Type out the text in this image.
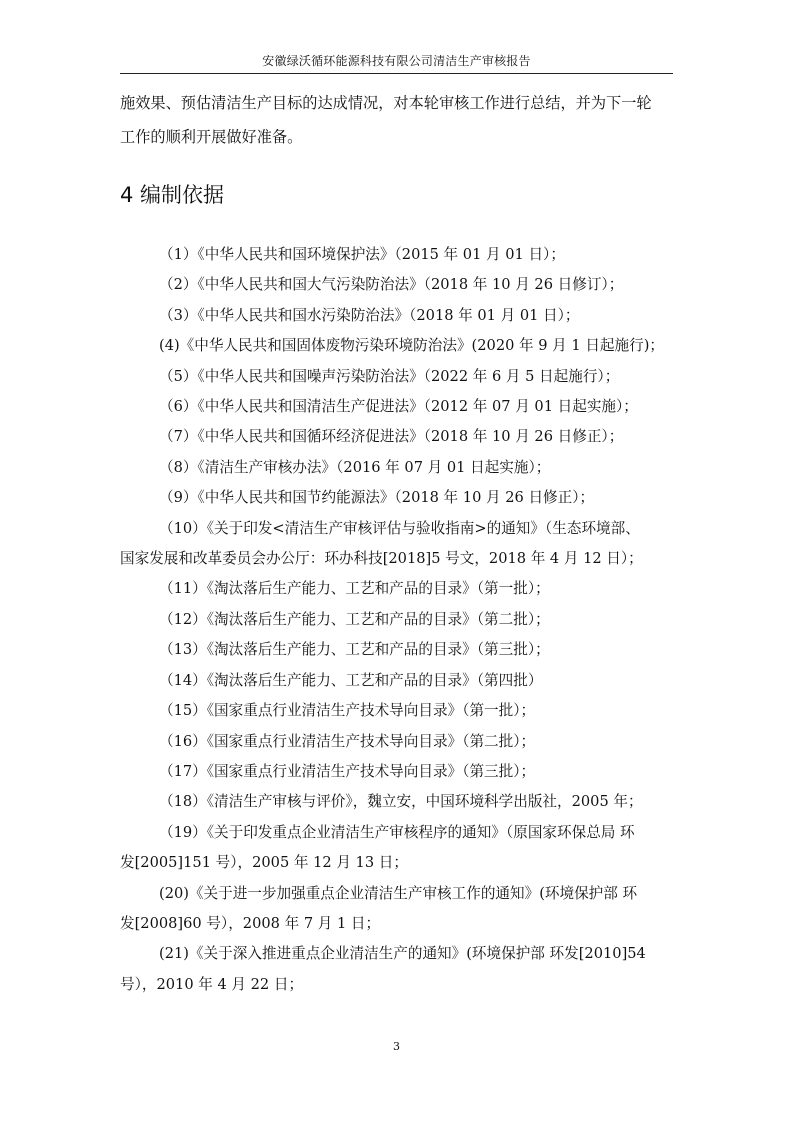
安徽绿沃循环能源科技有限公司清洁生产审核报告
施效果、预估清洁生产目标的达成情况，对本轮审核工作进行总结，并为下一轮
工作的顺利开展做好准备。
4 编制依据
（1）《中华人民共和国环境保护法》（2015 年 01 月 01 日）；
（2）《中华人民共和国大气污染防治法》（2018 年 10 月 26 日修订）；
（3）《中华人民共和国水污染防治法》（2018 年 01 月 01 日）；
(4)《中华人民共和国固体废物污染环境防治法》(2020 年 9 月 1 日起施行)；
（5）《中华人民共和国噪声污染防治法》（2022 年 6 月 5 日起施行）；
（6）《中华人民共和国清洁生产促进法》（2012 年 07 月 01 日起实施）；
（7）《中华人民共和国循环经济促进法》（2018 年 10 月 26 日修正）；
（8）《清洁生产审核办法》（2016 年 07 月 01 日起实施）；
（9）《中华人民共和国节约能源法》（2018 年 10 月 26 日修正）；
（10）《关于印发<清洁生产审核评估与验收指南>的通知》（生态环境部、
国家发展和改革委员会办公厅：环办科技[2018]5 号文，2018 年 4 月 12 日）；
（11）《淘汰落后生产能力、工艺和产品的目录》（第一批）；
（12）《淘汰落后生产能力、工艺和产品的目录》（第二批）；
（13）《淘汰落后生产能力、工艺和产品的目录》（第三批）；
（14）《淘汰落后生产能力、工艺和产品的目录》（第四批）
（15）《国家重点行业清洁生产技术导向目录》（第一批）；
（16）《国家重点行业清洁生产技术导向目录》（第二批）；
（17）《国家重点行业清洁生产技术导向目录》（第三批）；
（18）《清洁生产审核与评价》，魏立安，中国环境科学出版社，2005 年；
（19）《关于印发重点企业清洁生产审核程序的通知》（原国家环保总局 环
发[2005]151 号），2005 年 12 月 13 日；
(20)《关于进一步加强重点企业清洁生产审核工作的通知》(环境保护部 环
发[2008]60 号），2008 年 7 月 1 日；
(21)《关于深入推进重点企业清洁生产的通知》(环境保护部 环发[2010]54
号），2010 年 4 月 22 日；
3
